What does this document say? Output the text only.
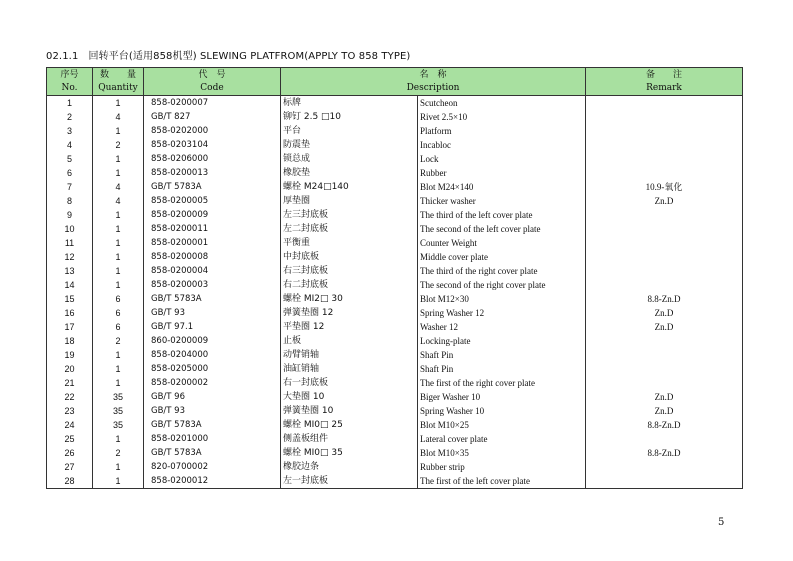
02.1.1　回转平台(适用858机型) SLEWING PLATFROM(APPLY TO 858 TYPE)
序号	数　　量	代　号	名　称		备　　注
No.	Quantity	Code	Description		Remark
1	1	858-0200007	标牌	Scutcheon	
2	4	GB/T 827	铆钉 2.5 □10	Rivet 2.5×10	
3	1	858-0202000	平台	Platform	
4	2	858-0203104	防震垫	Incabloc	
5	1	858-0206000	锁总成	Lock	
6	1	858-0200013	橡胶垫	Rubber	
7	4	GB/T 5783A	螺栓 M24□140	Blot M24×140	10.9-氧化
8	4	858-0200005	厚垫圈	Thicker washer	Zn.D
9	1	858-0200009	左三封底板	The third of the left cover plate	
10	1	858-0200011	左二封底板	The second of the left cover plate	
11	1	858-0200001	平衡重	Counter Weight	
12	1	858-0200008	中封底板	Middle cover plate	
13	1	858-0200004	右三封底板	The third of the right cover plate	
14	1	858-0200003	右二封底板	The second of the right cover plate	
15	6	GB/T 5783A	螺栓 MI2□ 30	Blot M12×30	8.8-Zn.D
16	6	GB/T 93	弹簧垫圈 12	Spring Washer 12	Zn.D
17	6	GB/T 97.1	平垫圈 12	Washer 12	Zn.D
18	2	860-0200009	止板	Locking-plate	
19	1	858-0204000	动臂销轴	Shaft Pin	
20	1	858-0205000	油缸销轴	Shaft Pin	
21	1	858-0200002	右一封底板	The first of the right cover plate	
22	35	GB/T 96	大垫圈 10	Biger Washer 10	Zn.D
23	35	GB/T 93	弹簧垫圈 10	Spring Washer 10	Zn.D
24	35	GB/T 5783A	螺栓 MI0□ 25	Blot M10×25	8.8-Zn.D
25	1	858-0201000	侧盖板组件	Lateral cover plate	
26	2	GB/T 5783A	螺栓 MI0□ 35	Blot M10×35	8.8-Zn.D
27	1	820-0700002	橡胶边条	Rubber strip	
28	1	858-0200012	左一封底板	The first of the left cover plate	
5
